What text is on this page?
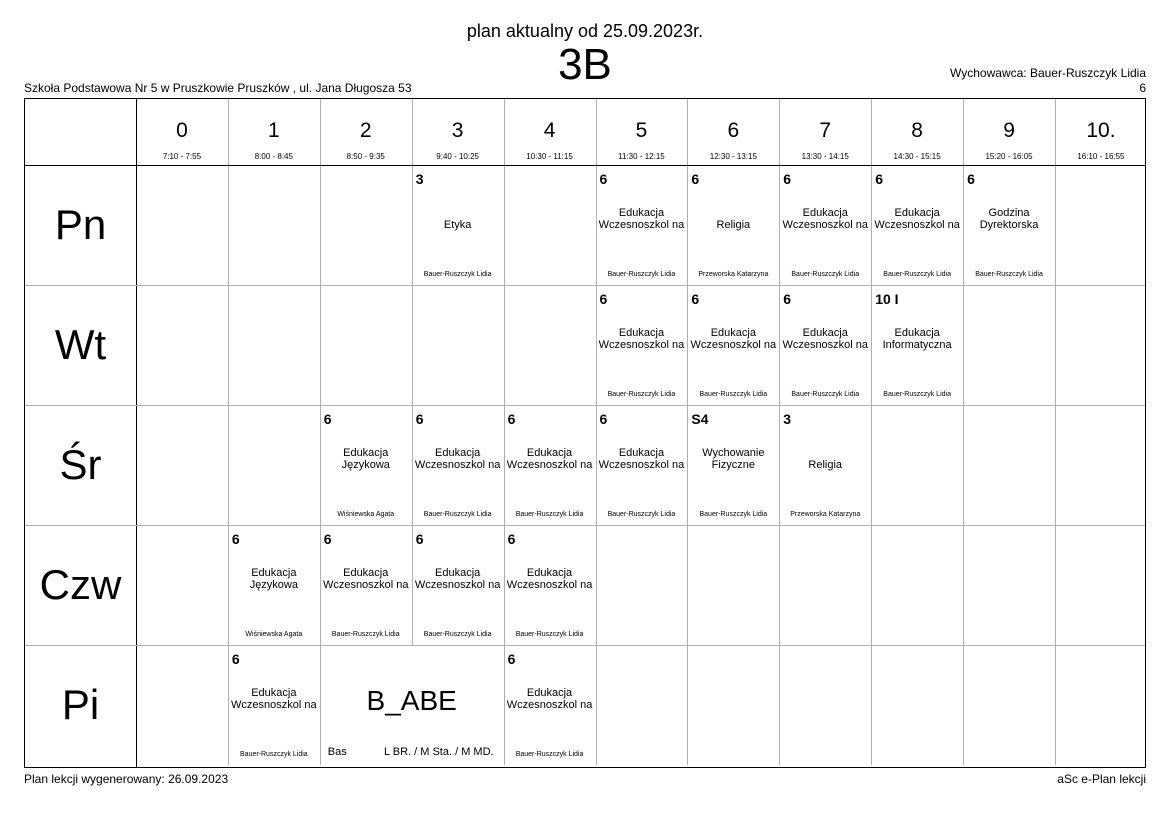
plan aktualny od 25.09.2023r.
3B
Szkoła Podstawowa Nr 5 w Pruszkowie Pruszków , ul. Jana Długosza 53
Wychowawca: Bauer-Ruszczyk Lidia
6
0
7:10 - 7:55
1
8:00 - 8:45
2
8:50 - 9:35
3
9:40 - 10:25
4
10:30 - 11:15
5
11:30 - 12:15
6
12:30 - 13:15
7
13:30 - 14:15
8
14:30 - 15:15
9
15:20 - 16:05
10.
16:10 - 16:55
Pn
Wt
Śr
Czw
Pi
3
Etyka
Bauer-Ruszczyk Lidia
6
Edukacja Wczesnoszkol na
Bauer-Ruszczyk Lidia
6
Religia
Przeworska Katarzyna
6
Edukacja Wczesnoszkol na
Bauer-Ruszczyk Lidia
6
Edukacja Wczesnoszkol na
Bauer-Ruszczyk Lidia
6
Godzina Dyrektorska
Bauer-Ruszczyk Lidia
6
Edukacja Wczesnoszkol na
Bauer-Ruszczyk Lidia
6
Edukacja Wczesnoszkol na
Bauer-Ruszczyk Lidia
6
Edukacja Wczesnoszkol na
Bauer-Ruszczyk Lidia
10 I
Edukacja Informatyczna
Bauer-Ruszczyk Lidia
6
Edukacja Językowa
Wiśniewska Agata
6
Edukacja Wczesnoszkol na
Bauer-Ruszczyk Lidia
6
Edukacja Wczesnoszkol na
Bauer-Ruszczyk Lidia
6
Edukacja Wczesnoszkol na
Bauer-Ruszczyk Lidia
S4
Wychowanie Fizyczne
Bauer-Ruszczyk Lidia
3
Religia
Przeworska Katarzyna
6
Edukacja Językowa
Wiśniewska Agata
6
Edukacja Wczesnoszkol na
Bauer-Ruszczyk Lidia
6
Edukacja Wczesnoszkol na
Bauer-Ruszczyk Lidia
6
Edukacja Wczesnoszkol na
Bauer-Ruszczyk Lidia
6
Edukacja Wczesnoszkol na
Bauer-Ruszczyk Lidia
6
Edukacja Wczesnoszkol na
Bauer-Ruszczyk Lidia
B_ABE
Bas	L BR. / M Sta. / M MD.
Plan lekcji wygenerowany: 26.09.2023	aSc e-Plan lekcji
